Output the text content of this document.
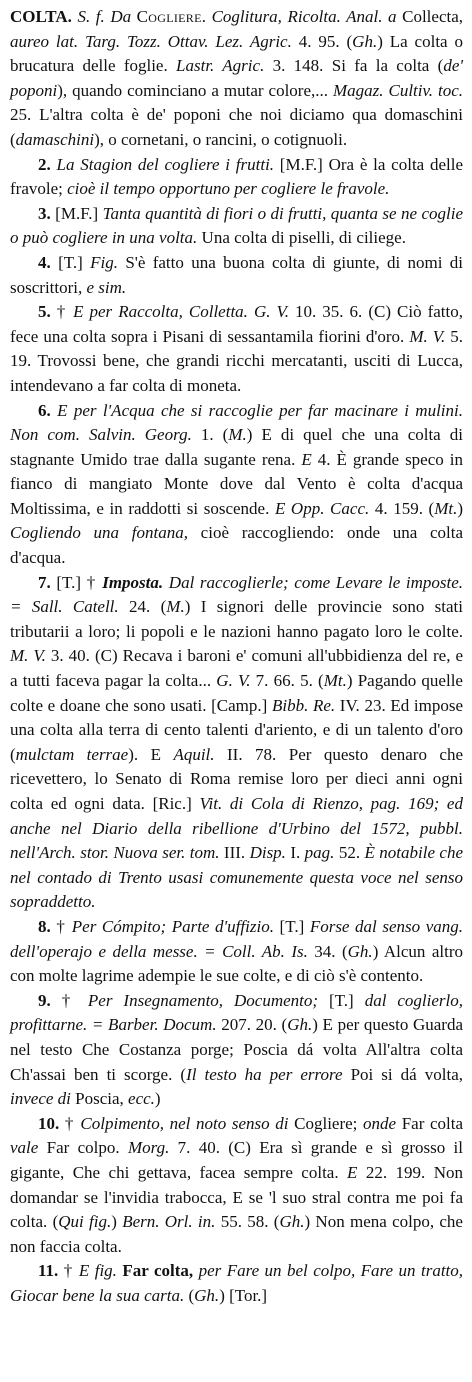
COLTA. S. f. Da Cogliere. Coglitura, Ricolta. Anal. a Collecta, aureo lat. Targ. Tozz. Ottav. Lez. Agric. 4. 95. (Gh.) La colta o brucatura delle foglie. Lastr. Agric. 3. 148. Si fa la colta (de' poponi), quando cominciano a mutar colore,... Magaz. Cultiv. toc. 25. L'altra colta è de' poponi che noi diciamo qua domaschini (damaschini), o cornetani, o rancini, o cotignuoli.

2. La Stagion del cogliere i frutti. [M.F.] Ora è la colta delle fravole; cioè il tempo opportuno per cogliere le fravole.

3. [M.F.] Tanta quantità di fiori o di frutti, quanta se ne coglie o può cogliere in una volta. Una colta di piselli, di ciliege.

4. [T.] Fig. S'è fatto una buona colta di giunte, di nomi di soscrittori, e sim.

5. † E per Raccolta, Colletta. G. V. 10. 35. 6. (C) Ciò fatto, fece una colta sopra i Pisani di sessantamila fiorini d'oro. M. V. 5. 19. Trovossi bene, che grandi ricchi mercatanti, usciti di Lucca, intendevano a far colta di moneta.

6. E per l'Acqua che si raccoglie per far macinare i mulini. Non com. Salvin. Georg. 1. (M.) E di quel che una colta di stagnante Umido trae dalla sugante rena. E 4. È grande speco in fianco di mangiato Monte dove dal Vento è colta d'acqua Moltissima, e in raddotti si soscende. E Opp. Cacc. 4. 159. (Mt.) Cogliendo una fontana, cioè raccogliendo: onde una colta d'acqua.

7. [T.] † Imposta. Dal raccoglierle; come Levare le imposte. = Sall. Catell. 24. (M.) I signori delle provincie sono stati tributarii a loro; li popoli e le nazioni hanno pagato loro le colte. M. V. 3. 40. (C) Recava i baroni e' comuni all'ubbidienza del re, e a tutti faceva pagar la colta... G. V. 7. 66. 5. (Mt.) Pagando quelle colte e doane che sono usati. [Camp.] Bibb. Re. IV. 23. Ed impose una colta alla terra di cento talenti d'ariento, e di un talento d'oro (mulctam terrae). E Aquil. II. 78. Per questo denaro che ricevettero, lo Senato di Roma remise loro per dieci anni ogni colta ed ogni data. [Ric.] Vit. di Cola di Rienzo, pag. 169; ed anche nel Diario della ribellione d'Urbino del 1572, pubbl. nell'Arch. stor. Nuova ser. tom. III. Disp. I. pag. 52. È notabile che nel contado di Trento usasi comunemente questa voce nel senso sopraddetto.

8. † Per Cómpito; Parte d'uffizio. [T.] Forse dal senso vang. dell'operajo e della messe. = Coll. Ab. Is. 34. (Gh.) Alcun altro con molte lagrime adempie le sue colte, e di ciò s'è contento.

9. † Per Insegnamento, Documento; [T.] dal coglierlo, profittarne. = Barber. Docum. 207. 20. (Gh.) E per questo Guarda nel testo Che Costanza porge; Poscia dá volta All'altra colta Ch'assai ben ti scorge. (Il testo ha per errore Poi si dá volta, invece di Poscia, ecc.)

10. † Colpimento, nel noto senso di Cogliere; onde Far colta vale Far colpo. Morg. 7. 40. (C) Era sì grande e sì grosso il gigante, Che chi gettava, facea sempre colta. E 22. 199. Non domandar se l'invidia trabocca, E se 'l suo stral contra me poi fa colta. (Qui fig.) Bern. Orl. in. 55. 58. (Gh.) Non mena colpo, che non faccia colta.

11. † E fig. Far colta, per Fare un bel colpo, Fare un tratto, Giocar bene la sua carta. (Gh.) [Tor.]
